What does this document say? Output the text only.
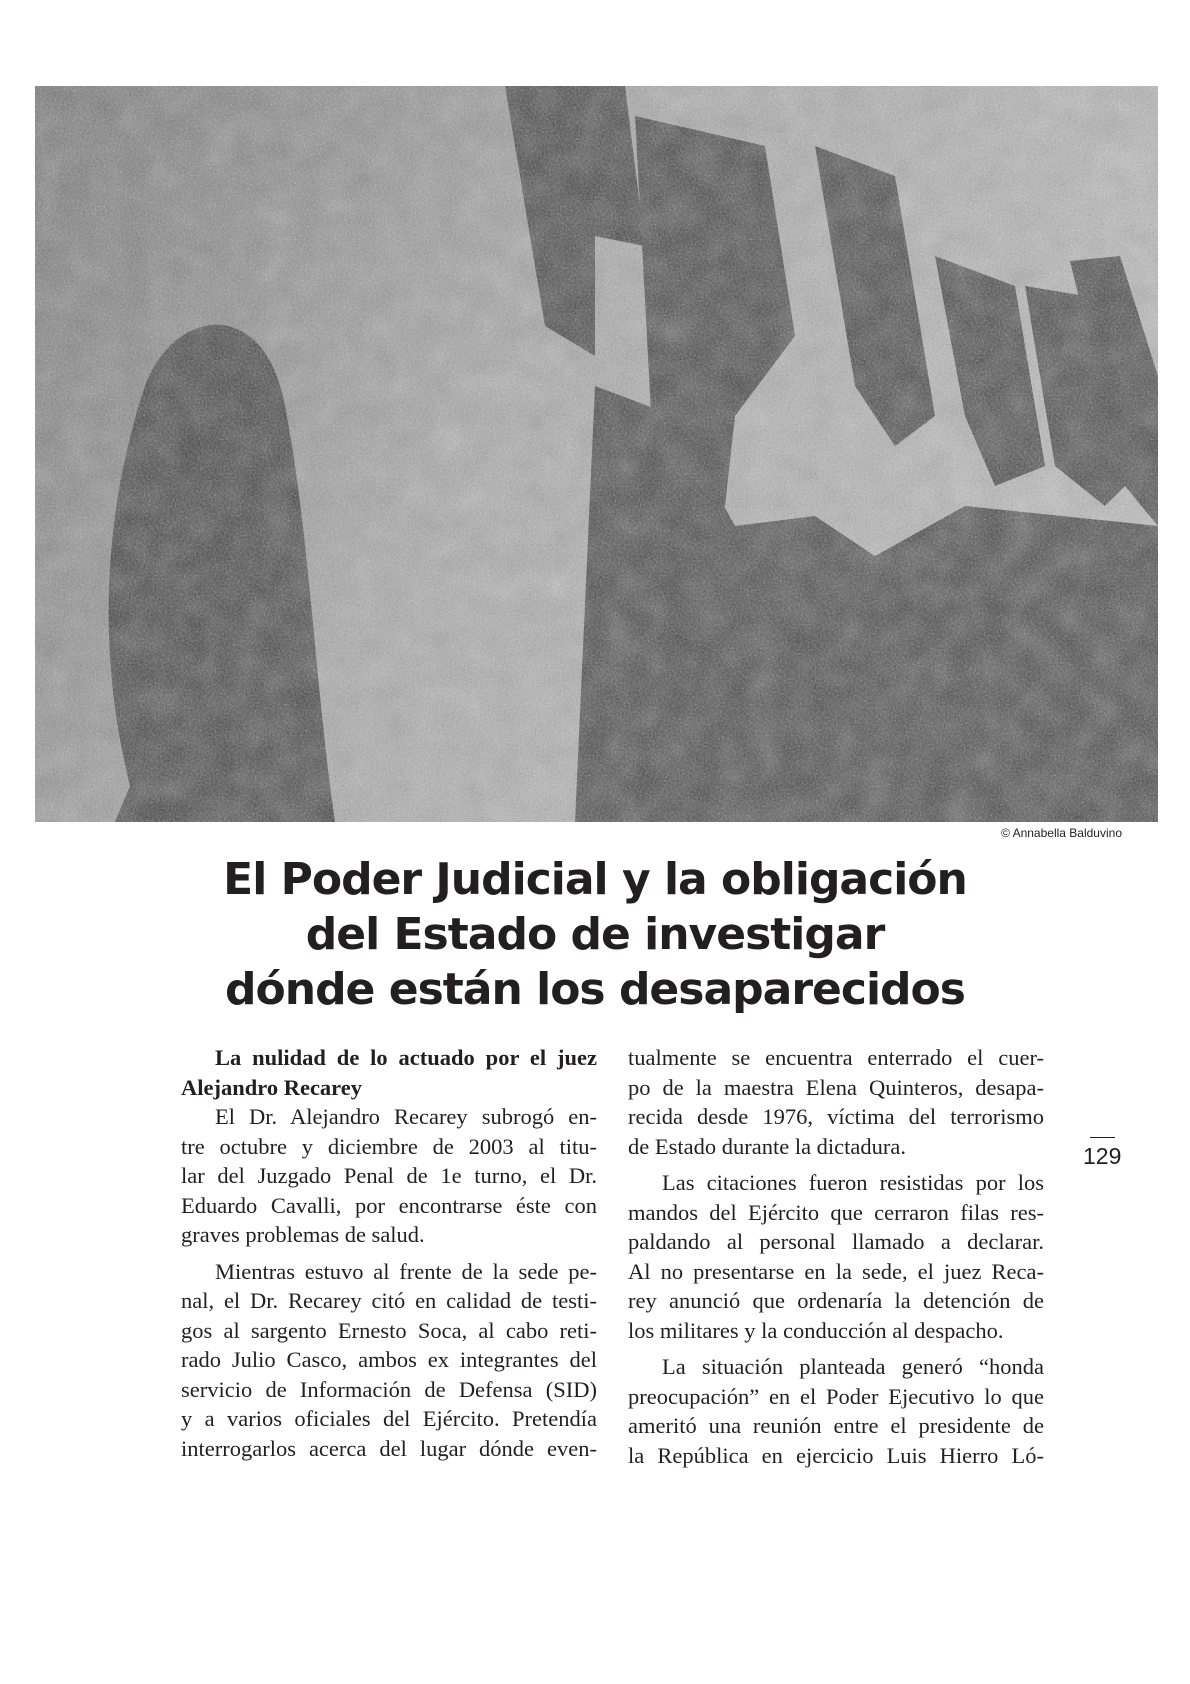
© Annabella Balduvino
El Poder Judicial y la obligación
del Estado de investigar
dónde están los desaparecidos
La nulidad de lo actuado por el juez
Alejandro Recarey
El Dr. Alejandro Recarey subrogó en-
tre octubre y diciembre de 2003 al titu-
lar del Juzgado Penal de 1e turno, el Dr.
Eduardo Cavalli, por encontrarse éste con
graves problemas de salud.
Mientras estuvo al frente de la sede pe-
nal, el Dr. Recarey citó en calidad de testi-
gos al sargento Ernesto Soca, al cabo reti-
rado Julio Casco, ambos ex integrantes del
servicio de Información de Defensa (SID)
y a varios oficiales del Ejército. Pretendía
interrogarlos acerca del lugar dónde even-
tualmente se encuentra enterrado el cuer-
po de la maestra Elena Quinteros, desapa-
recida desde 1976, víctima del terrorismo
de Estado durante la dictadura.
Las citaciones fueron resistidas por los
mandos del Ejército que cerraron filas res-
paldando al personal llamado a declarar.
Al no presentarse en la sede, el juez Reca-
rey anunció que ordenaría la detención de
los militares y la conducción al despacho.
La situación planteada generó “honda
preocupación” en el Poder Ejecutivo lo que
ameritó una reunión entre el presidente de
la República en ejercicio Luis Hierro Ló-
129
